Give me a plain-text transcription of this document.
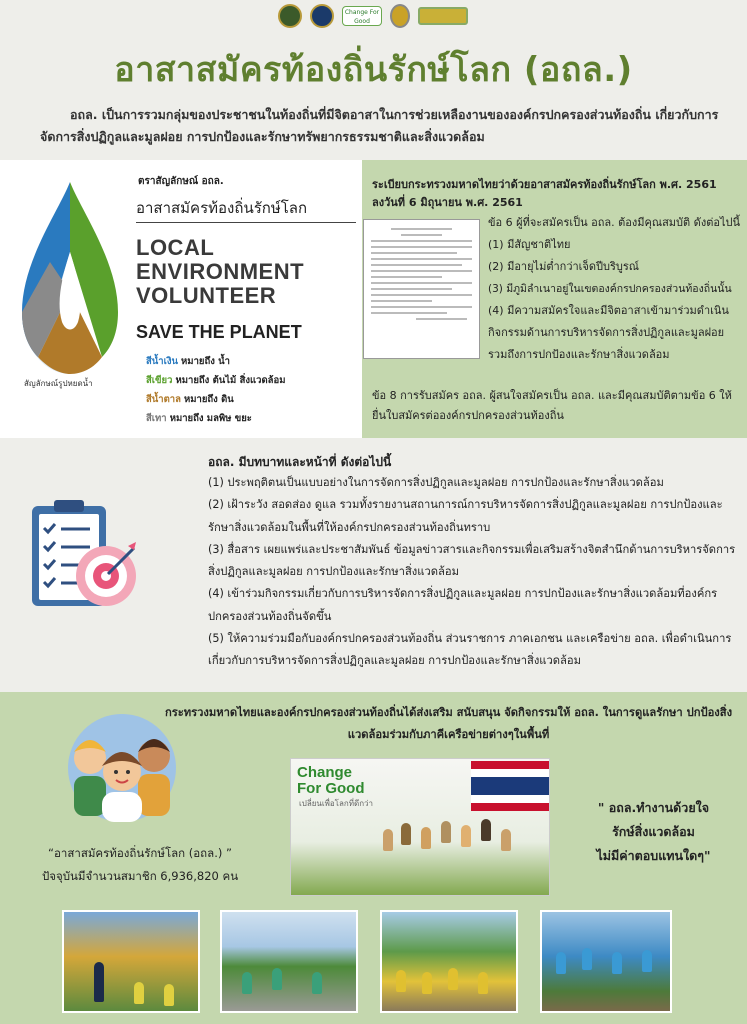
Change For Good
อาสาสมัครท้องถิ่นรักษ์โลก (อถล.)

อถล. เป็นการรวมกลุ่มของประชาชนในท้องถิ่นที่มีจิตอาสาในการช่วยเหลืองานขององค์กรปกครองส่วนท้องถิ่น เกี่ยวกับการจัดการสิ่งปฏิกูลและมูลฝอย การปกป้องและรักษาทรัพยากรธรรมชาติและสิ่งแวดล้อม

สัญลักษณ์รูปหยดน้ำ
ตราสัญลักษณ์ อถล.
อาสาสมัครท้องถิ่นรักษ์โลก
LOCAL
ENVIRONMENT
VOLUNTEER
SAVE THE PLANET
สีน้ำเงิน หมายถึง น้ำ
สีเขียว หมายถึง ต้นไม้ สิ่งแวดล้อม
สีน้ำตาล หมายถึง ดิน
สีเทา หมายถึง มลพิษ ขยะ
ระเบียบกระทรวงมหาดไทยว่าด้วยอาสาสมัครท้องถิ่นรักษ์โลก พ.ศ. 2561
ลงวันที่ 6 มิถุนายน พ.ศ. 2561
ข้อ 6 ผู้ที่จะสมัครเป็น อถล. ต้องมีคุณสมบัติ ดังต่อไปนี้
(1) มีสัญชาติไทย
(2) มีอายุไม่ต่ำกว่าเจ็ดปีบริบูรณ์
(3) มีภูมิลำเนาอยู่ในเขตองค์กรปกครองส่วนท้องถิ่นนั้น
(4) มีความสมัครใจและมีจิตอาสาเข้ามาร่วมดำเนินกิจกรรมด้านการบริหารจัดการสิ่งปฏิกูลและมูลฝอย รวมถึงการปกป้องและรักษาสิ่งแวดล้อม
ข้อ 8 การรับสมัคร อถล. ผู้สนใจสมัครเป็น อถล. และมีคุณสมบัติตามข้อ 6 ให้ยื่นใบสมัครต่อองค์กรปกครองส่วนท้องถิ่น
อถล. มีบทบาทและหน้าที่ ดังต่อไปนี้
(1) ประพฤติตนเป็นแบบอย่างในการจัดการสิ่งปฏิกูลและมูลฝอย การปกป้องและรักษาสิ่งแวดล้อม
(2) เฝ้าระวัง สอดส่อง ดูแล รวมทั้งรายงานสถานการณ์การบริหารจัดการสิ่งปฏิกูลและมูลฝอย การปกป้องและรักษาสิ่งแวดล้อมในพื้นที่ให้องค์กรปกครองส่วนท้องถิ่นทราบ
(3) สื่อสาร เผยแพร่และประชาสัมพันธ์ ข้อมูลข่าวสารและกิจกรรมเพื่อเสริมสร้างจิตสำนึกด้านการบริหารจัดการสิ่งปฏิกูลและมูลฝอย การปกป้องและรักษาสิ่งแวดล้อม
(4) เข้าร่วมกิจกรรมเกี่ยวกับการบริหารจัดการสิ่งปฏิกูลและมูลฝอย การปกป้องและรักษาสิ่งแวดล้อมที่องค์กรปกครองส่วนท้องถิ่นจัดขึ้น
(5) ให้ความร่วมมือกับองค์กรปกครองส่วนท้องถิ่น ส่วนราชการ ภาคเอกชน และเครือข่าย อถล. เพื่อดำเนินการเกี่ยวกับการบริหารจัดการสิ่งปฏิกูลและมูลฝอย การปกป้องและรักษาสิ่งแวดล้อม
กระทรวงมหาดไทยและองค์กรปกครองส่วนท้องถิ่นได้ส่งเสริม สนับสนุน จัดกิจกรรมให้ อถล. ในการดูแลรักษา ปกป้องสิ่งแวดล้อมร่วมกับภาคีเครือข่ายต่างๆในพื้นที่
“อาสาสมัครท้องถิ่นรักษ์โลก (อถล.) ”
ปัจจุบันมีจำนวนสมาชิก 6,936,820 คน
Change
For Good
เปลี่ยนเพื่อโลกที่ดีกว่า	" อถล.ทำงานด้วยใจ
รักษ์สิ่งแวดล้อม
ไม่มีค่าตอบแทนใดๆ"
